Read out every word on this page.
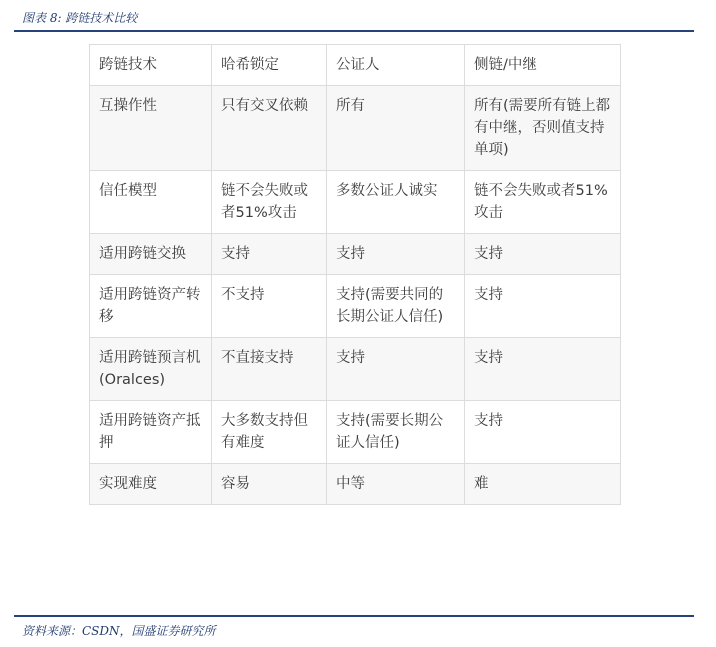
图表 8: 跨链技术比较
跨链技术	哈希锁定	公证人	侧链/中继
互操作性	只有交叉依赖	所有	所有(需要所有链上都有中继，否则值支持单项)
信任模型	链不会失败或者51%攻击	多数公证人诚实	链不会失败或者51%攻击
适用跨链交换	支持	支持	支持
适用跨链资产转移	不支持	支持(需要共同的长期公证人信任)	支持
适用跨链预言机(Oralces)	不直接支持	支持	支持
适用跨链资产抵押	大多数支持但有难度	支持(需要长期公证人信任)	支持
实现难度	容易	中等	难
资料来源：CSDN，国盛证券研究所
